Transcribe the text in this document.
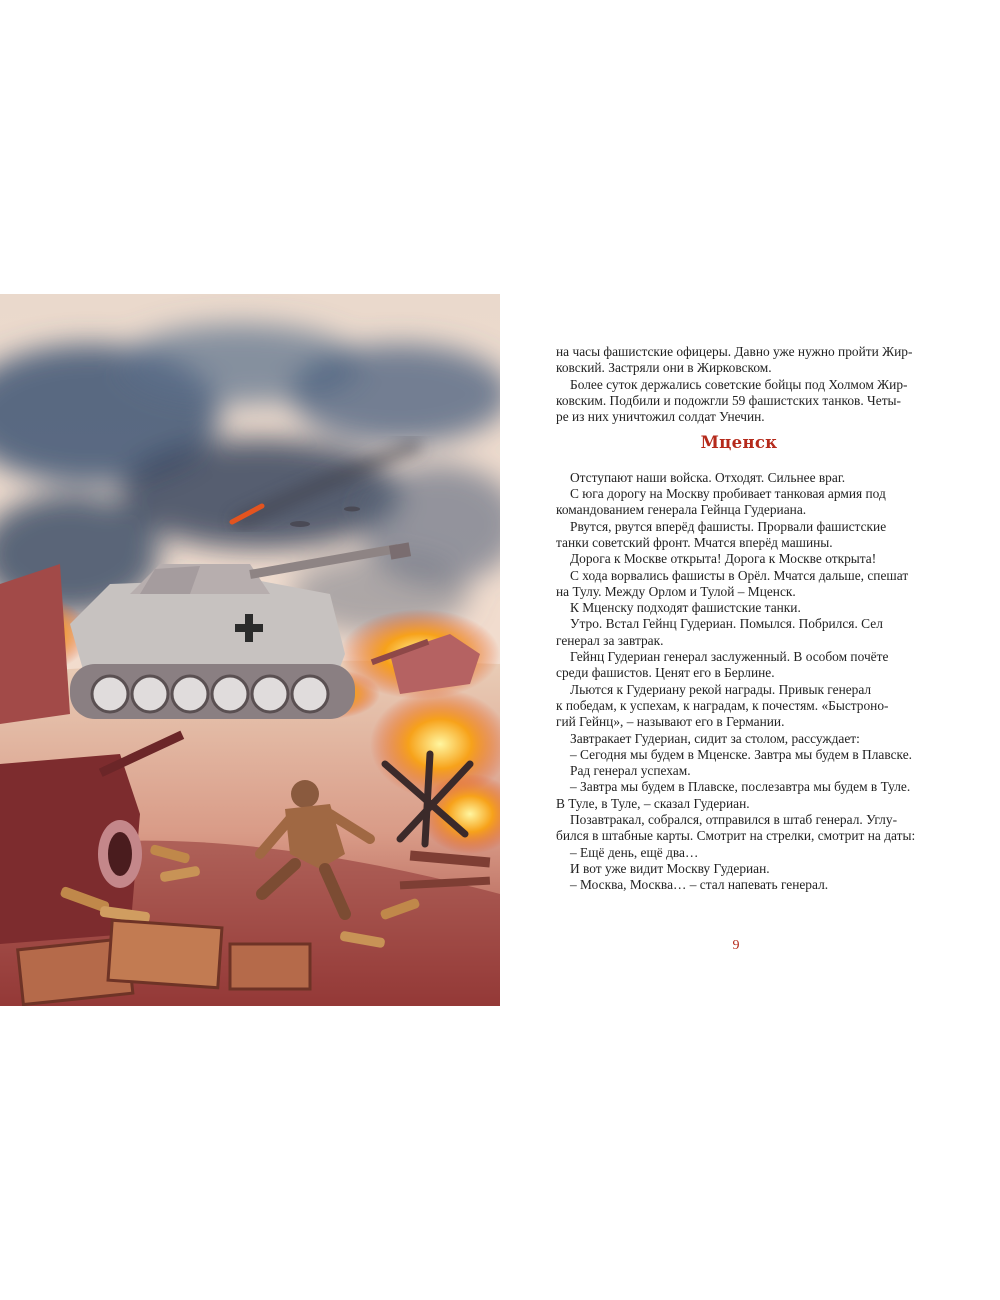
на часы фашистские офицеры. Давно уже нужно пройти Жир-

ковский. Застряли они в Жирковском.

Более суток держались советские бойцы под Холмом Жир-

ковским. Подбили и подожгли 59 фашистских танков. Четы-

ре из них уничтожил солдат Унечин.

Мценск

Отступают наши войска. Отходят. Сильнее враг.

С юга дорогу на Москву пробивает танковая армия под

командованием генерала Гейнца Гудериана.

Рвутся, рвутся вперёд фашисты. Прорвали фашистские

танки советский фронт. Мчатся вперёд машины.

Дорога к Москве открыта! Дорога к Москве открыта!

С хода ворвались фашисты в Орёл. Мчатся дальше, спешат

на Тулу. Между Орлом и Тулой – Мценск.

К Мценску подходят фашистские танки.

Утро. Встал Гейнц Гудериан. Помылся. Побрился. Сел

генерал за завтрак.

Гейнц Гудериан генерал заслуженный. В особом почёте

среди фашистов. Ценят его в Берлине.

Льются к Гудериану рекой награды. Привык генерал

к победам, к успехам, к наградам, к почестям. «Быстроно-

гий Гейнц», – называют его в Германии.

Завтракает Гудериан, сидит за столом, рассуждает:

– Сегодня мы будем в Мценске. Завтра мы будем в Плавске.

Рад генерал успехам.

– Завтра мы будем в Плавске, послезавтра мы будем в Туле.

В Туле, в Туле, – сказал Гудериан.

Позавтракал, собрался, отправился в штаб генерал. Углу-

бился в штабные карты. Смотрит на стрелки, смотрит на даты:

– Ещё день, ещё два…

И вот уже видит Москву Гудериан.

– Москва, Москва… – стал напевать генерал.

9
